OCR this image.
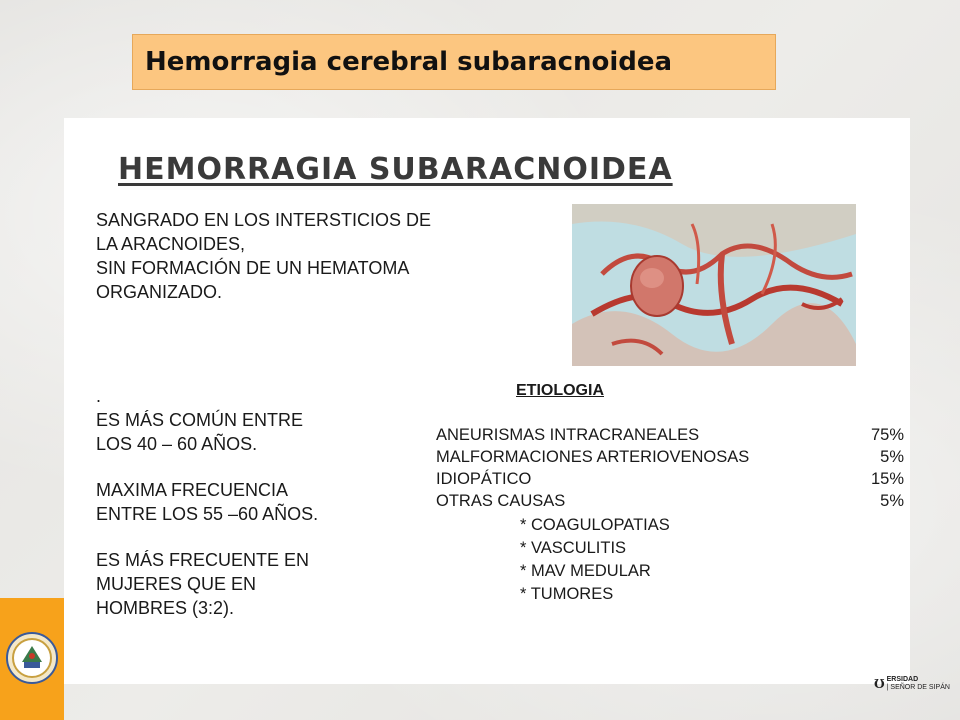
Hemorragia cerebral subaracnoidea
HEMORRAGIA SUBARACNOIDEA
SANGRADO EN LOS INTERSTICIOS DE
LA ARACNOIDES,
SIN FORMACIÓN DE UN HEMATOMA
ORGANIZADO.
.

ES MÁS COMÚN ENTRE
LOS 40 – 60 AÑOS.

MAXIMA FRECUENCIA
ENTRE LOS 55 –60 AÑOS.

ES MÁS FRECUENTE EN
MUJERES QUE EN
HOMBRES (3:2).

ETIOLOGIA
ANEURISMAS INTRACRANEALES	75%
MALFORMACIONES ARTERIOVENOSAS	5%
IDIOPÁTICO	15%
OTRAS CAUSAS	5%
* COAGULOPATIAS
* VASCULITIS
* MAV MEDULAR
* TUMORES
Ʊ ERSIDAD
| SEÑOR DE SIPÁN
